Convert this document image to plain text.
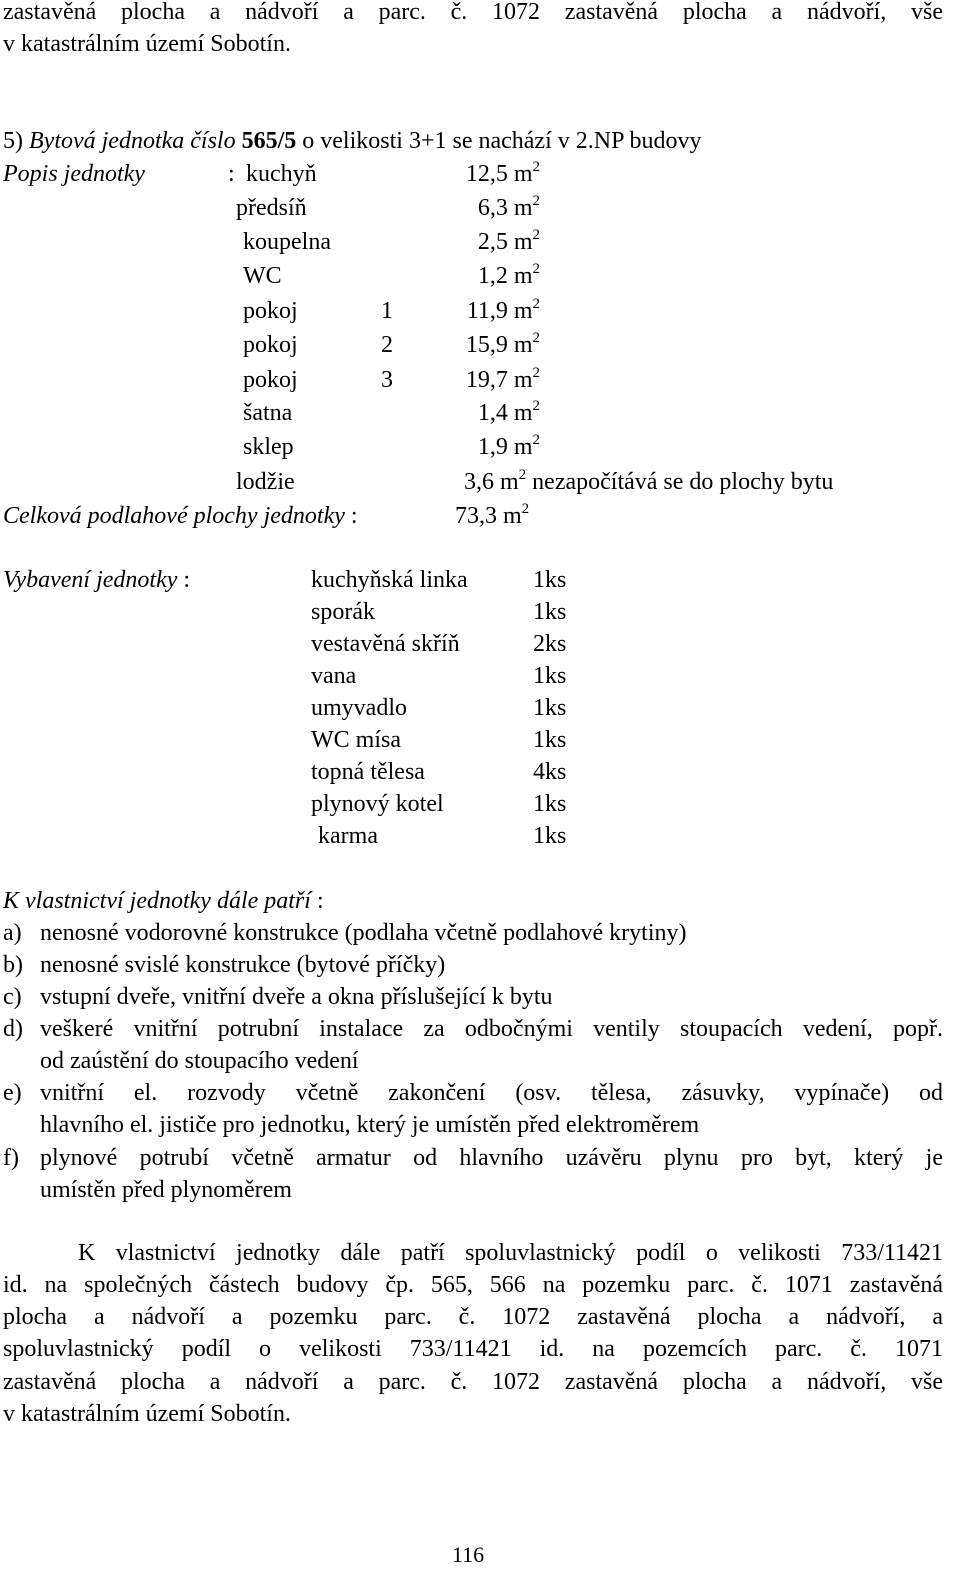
zastavěná plocha a nádvoří a parc. č. 1072 zastavěná plocha a nádvoří, vše
v katastrálním území Sobotín.
5) Bytová jednotka číslo 565/5 o velikosti 3+1 se nachází v 2.NP budovy
Popis jednotky	: kuchyň	12,5 $m^2$
předsíň	6,3 $m^2$
koupelna	2,5 $m^2$
WC	1,2 $m^2$
pokoj	1	11,9 $m^2$
pokoj	2	15,9 $m^2$
pokoj	3	19,7 $m^2$
šatna	1,4 $m^2$
sklep	1,9 $m^2$
lodžie	3,6 $m^2$ nezapočítává se do plochy bytu
Celková podlahové plochy jednotky :	73,3 $m^2$
Vybavení jednotky :	kuchyňská linka	1ks
sporák	1ks
vestavěná skříň	2ks
vana	1ks
umyvadlo	1ks
WC mísa	1ks
topná tělesa	4ks
plynový kotel	1ks
karma	1ks
K vlastnictví jednotky dále patří :
a) nenosné vodorovné konstrukce (podlaha včetně podlahové krytiny)
b) nenosné svislé konstrukce (bytové příčky)
c) vstupní dveře, vnitřní dveře a okna příslušející k bytu
d) veškeré vnitřní potrubní instalace za odbočnými ventily stoupacích vedení, popř.
od zaústění do stoupacího vedení
e) vnitřní el. rozvody včetně zakončení (osv. tělesa, zásuvky, vypínače) od
hlavního el. jističe pro jednotku, který je umístěn před elektroměrem
f) plynové potrubí včetně armatur od hlavního uzávěru plynu pro byt, který je
umístěn před plynoměrem
K vlastnictví jednotky dále patří spoluvlastnický podíl o velikosti 733/11421
id. na společných částech budovy čp. 565, 566 na pozemku parc. č. 1071 zastavěná
plocha a nádvoří a pozemku parc. č. 1072 zastavěná plocha a nádvoří, a
spoluvlastnický podíl o velikosti 733/11421 id. na pozemcích parc. č. 1071
zastavěná plocha a nádvoří a parc. č. 1072 zastavěná plocha a nádvoří, vše
v katastrálním území Sobotín.
116
